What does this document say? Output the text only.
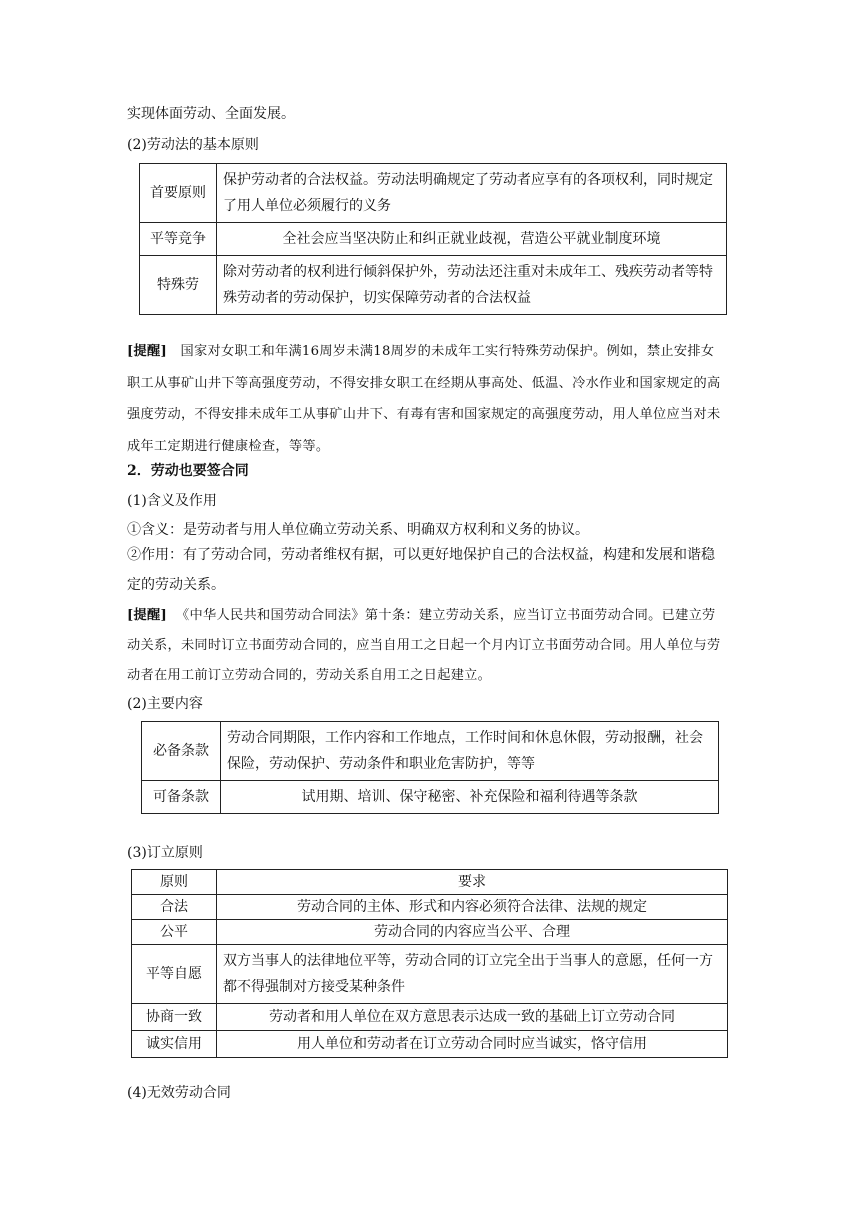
实现体面劳动、全面发展。
(2)劳动法的基本原则
首要原则	保护劳动者的合法权益。劳动法明确规定了劳动者应享有的各项权利，同时规定了用人单位必须履行的义务
平等竞争	全社会应当坚决防止和纠正就业歧视，营造公平就业制度环境
特殊劳	除对劳动者的权利进行倾斜保护外，劳动法还注重对未成年工、残疾劳动者等特殊劳动者的劳动保护，切实保障劳动者的合法权益
[提醒] 国家对女职工和年满16周岁未满18周岁的未成年工实行特殊劳动保护。例如，禁止安排女职工从事矿山井下等高强度劳动，不得安排女职工在经期从事高处、低温、冷水作业和国家规定的高强度劳动，不得安排未成年工从事矿山井下、有毒有害和国家规定的高强度劳动，用人单位应当对未成年工定期进行健康检查，等等。
2．劳动也要签合同
(1)含义及作用
①含义：是劳动者与用人单位确立劳动关系、明确双方权利和义务的协议。
②作用：有了劳动合同，劳动者维权有据，可以更好地保护自己的合法权益，构建和发展和谐稳定的劳动关系。
[提醒] 《中华人民共和国劳动合同法》第十条：建立劳动关系，应当订立书面劳动合同。已建立劳动关系，未同时订立书面劳动合同的，应当自用工之日起一个月内订立书面劳动合同。用人单位与劳动者在用工前订立劳动合同的，劳动关系自用工之日起建立。
(2)主要内容
必备条款	劳动合同期限，工作内容和工作地点，工作时间和休息休假，劳动报酬，社会保险，劳动保护、劳动条件和职业危害防护，等等
可备条款	试用期、培训、保守秘密、补充保险和福利待遇等条款
(3)订立原则
原则	要求
合法	劳动合同的主体、形式和内容必须符合法律、法规的规定
公平	劳动合同的内容应当公平、合理
平等自愿	双方当事人的法律地位平等，劳动合同的订立完全出于当事人的意愿，任何一方都不得强制对方接受某种条件
协商一致	劳动者和用人单位在双方意思表示达成一致的基础上订立劳动合同
诚实信用	用人单位和劳动者在订立劳动合同时应当诚实，恪守信用
(4)无效劳动合同
